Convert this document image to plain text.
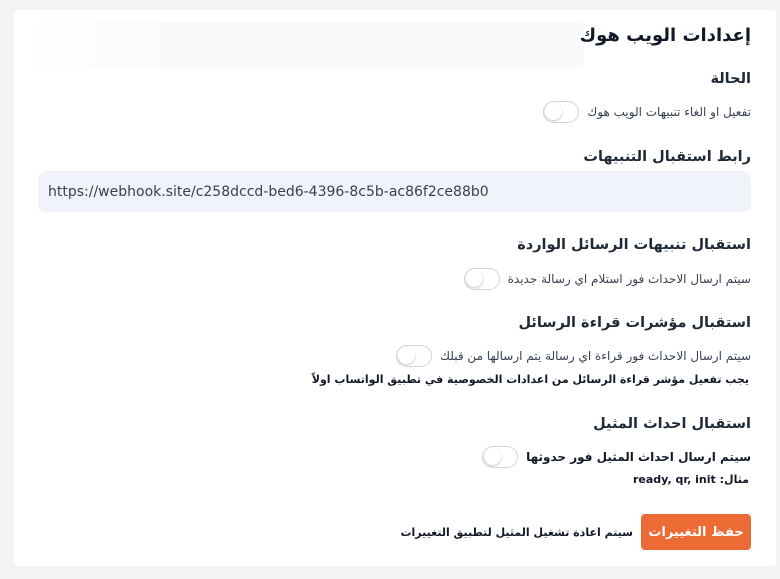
إعدادات الويب هوك
الحالة
تفعيل او الغاء تنبيهات الويب هوك
رابط استقبال التنبيهات
https://webhook.site/c258dccd-bed6-4396-8c5b-ac86f2ce88b0
استقبال تنبيهات الرسائل الواردة
سيتم ارسال الاحداث فور استلام اي رسالة جديدة
استقبال مؤشرات قراءة الرسائل
سيتم ارسال الاحداث فور قراءة اي رسالة يتم ارسالها من قبلك
يجب تفعيل مؤشر قراءة الرسائل من اعدادات الخصوصية في تطبيق الواتساب اولاً
استقبال احداث المثيل
سيتم ارسال احداث المثيل فور حدوثها
مثال: ready, qr, init
حفظ التغييرات
سيتم اعادة تشغيل المثيل لتطبيق التغييرات
